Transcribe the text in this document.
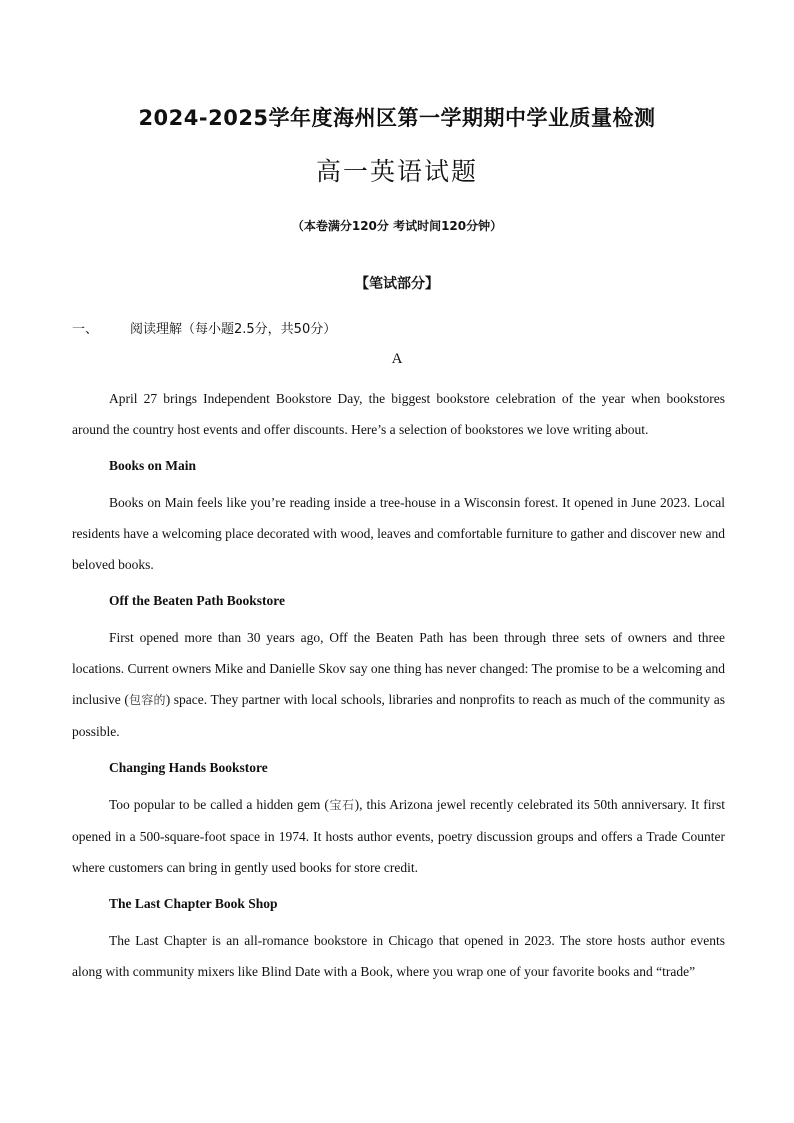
2024-2025学年度海州区第一学期期中学业质量检测
高一英语试题
（本卷满分120分 考试时间120分钟）
【笔试部分】
一、 阅读理解（每小题2.5分，共50分）
A

April 27 brings Independent Bookstore Day, the biggest bookstore celebration of the year when bookstores around the country host events and offer discounts. Here’s a selection of bookstores we love writing about.

Books on Main

Books on Main feels like you’re reading inside a tree-house in a Wisconsin forest. It opened in June 2023. Local residents have a welcoming place decorated with wood, leaves and comfortable furniture to gather and discover new and beloved books.

Off the Beaten Path Bookstore

First opened more than 30 years ago, Off the Beaten Path has been through three sets of owners and three locations. Current owners Mike and Danielle Skov say one thing has never changed: The promise to be a welcoming and inclusive (包容的) space. They partner with local schools, libraries and nonprofits to reach as much of the community as possible.

Changing Hands Bookstore

Too popular to be called a hidden gem (宝石), this Arizona jewel recently celebrated its 50th anniversary. It first opened in a 500-square-foot space in 1974. It hosts author events, poetry discussion groups and offers a Trade Counter where customers can bring in gently used books for store credit.

The Last Chapter Book Shop

The Last Chapter is an all-romance bookstore in Chicago that opened in 2023. The store hosts author events along with community mixers like Blind Date with a Book, where you wrap one of your favorite books and “trade”
